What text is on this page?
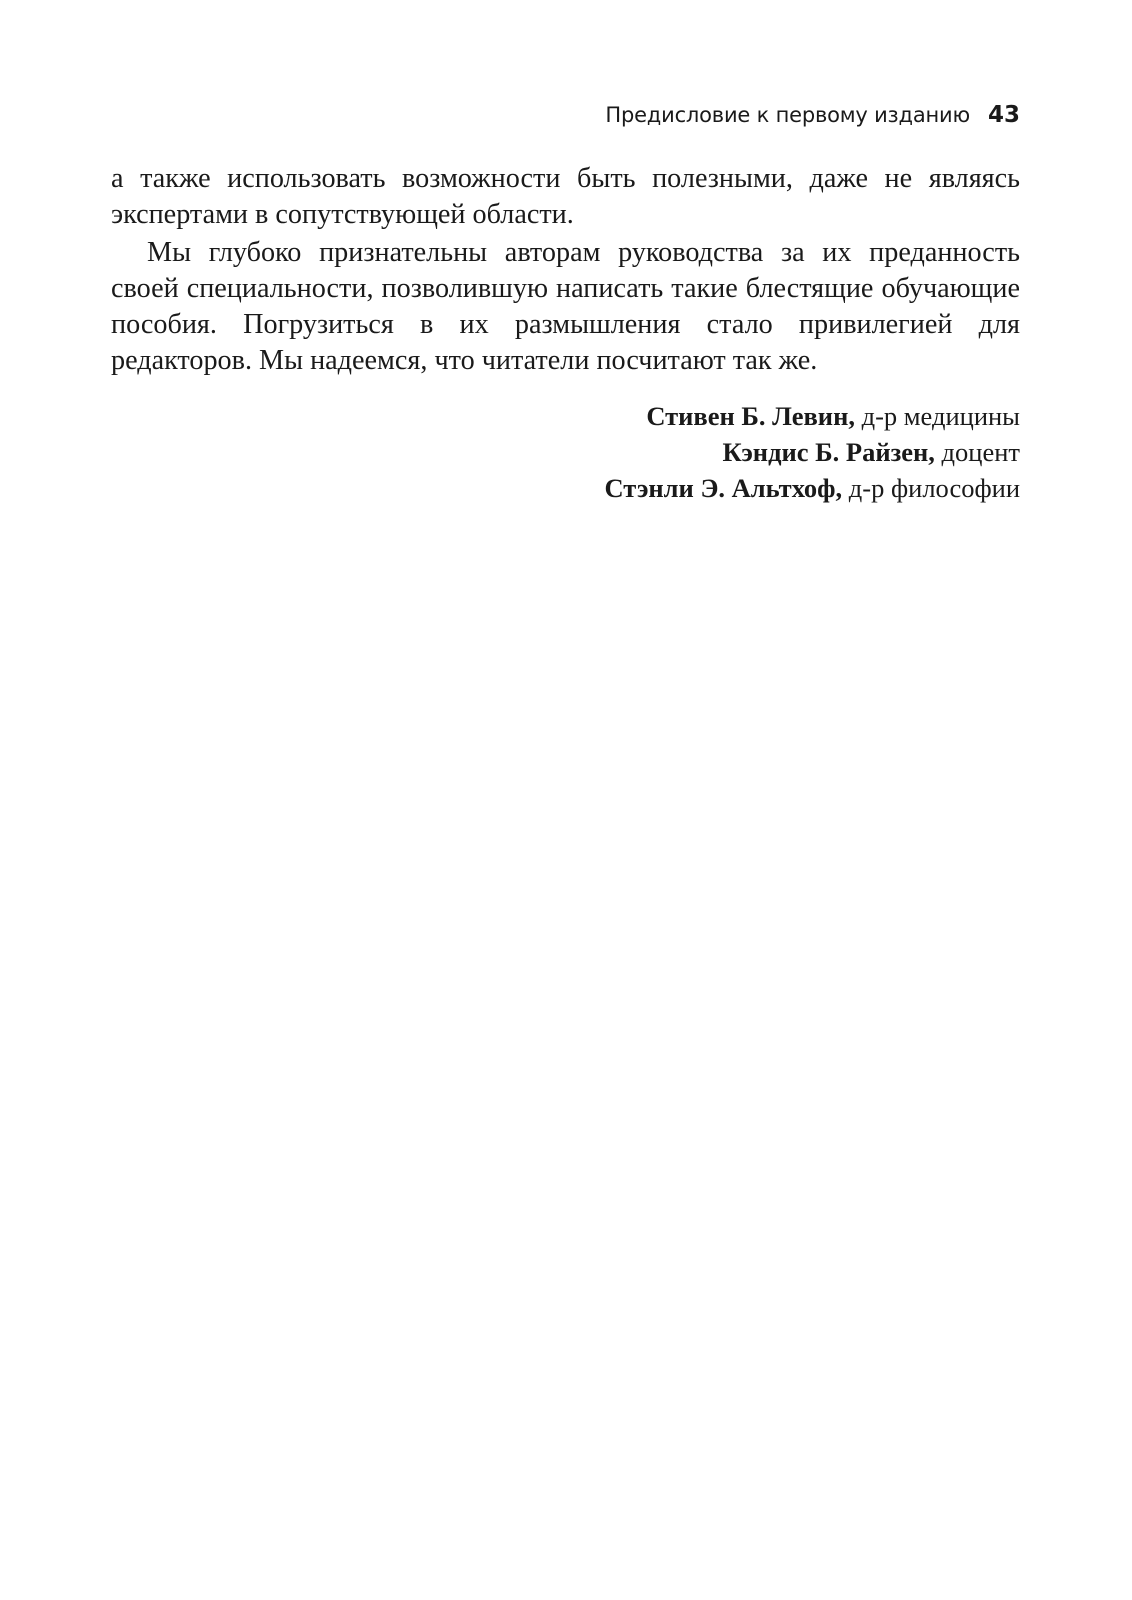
Предисловие к первому изданию 43

а также использовать возможности быть полезными, даже не являясь экспертами в сопутствующей области.

Мы глубоко признательны авторам руководства за их преданность своей специальности, позволившую написать такие блестящие обучающие пособия. Погрузиться в их размышления стало привилегией для редакторов. Мы надеемся, что читатели посчитают так же.

Стивен Б. Левин, д-р медицины
Кэндис Б. Райзен, доцент
Стэнли Э. Альтхоф, д-р философии
